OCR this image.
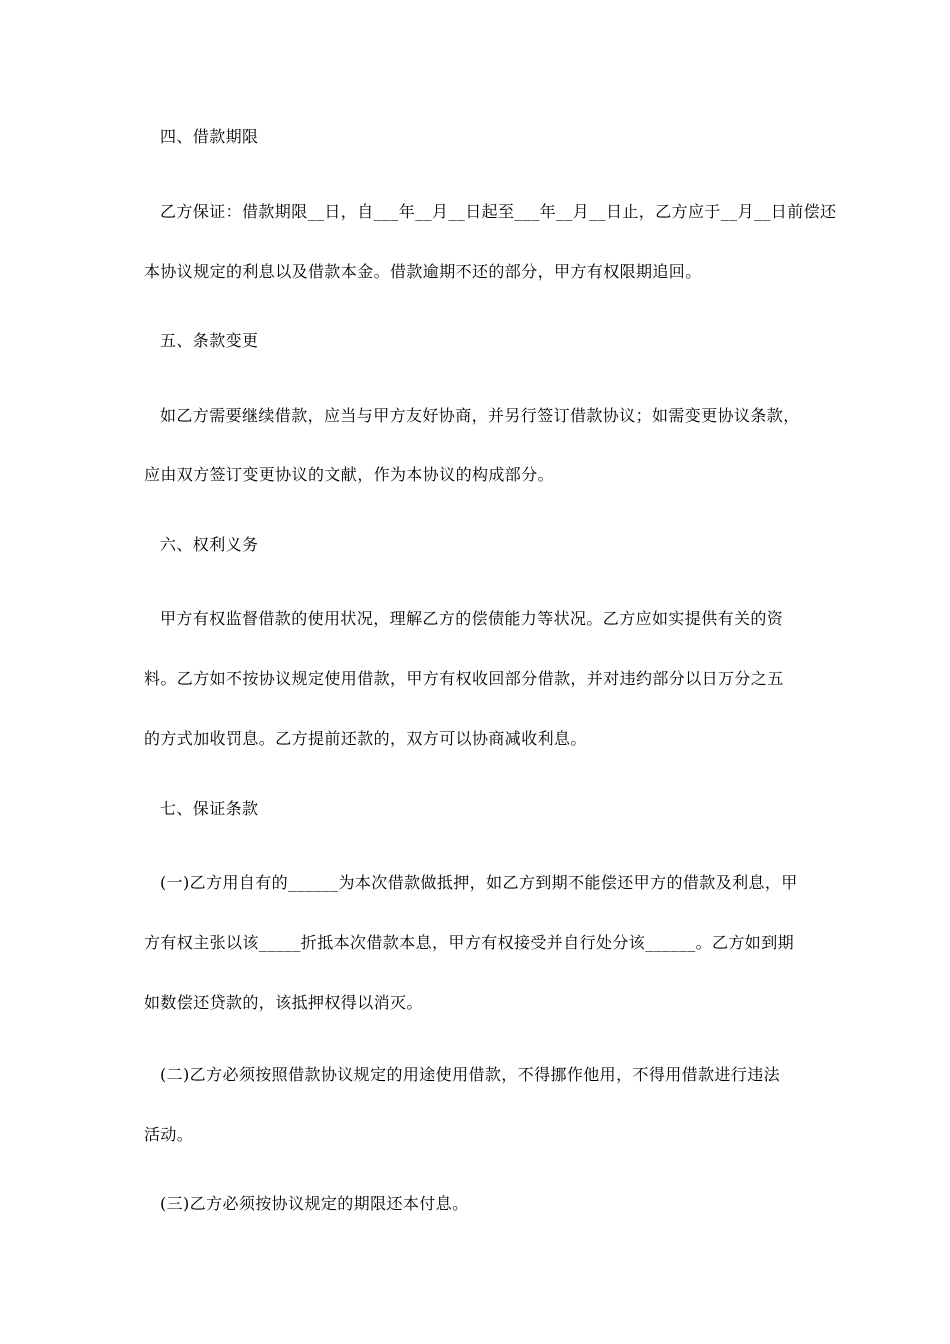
四、借款期限
乙方保证：借款期限__日，自___年__月__日起至___年__月__日止，乙方应于__月__日前偿还
本协议规定的利息以及借款本金。借款逾期不还的部分，甲方有权限期追回。
五、条款变更
如乙方需要继续借款，应当与甲方友好协商，并另行签订借款协议；如需变更协议条款，
应由双方签订变更协议的文献，作为本协议的构成部分。
六、权利义务
甲方有权监督借款的使用状况，理解乙方的偿债能力等状况。乙方应如实提供有关的资
料。乙方如不按协议规定使用借款，甲方有权收回部分借款，并对违约部分以日万分之五
的方式加收罚息。乙方提前还款的，双方可以协商减收利息。
七、保证条款
(一)乙方用自有的______为本次借款做抵押，如乙方到期不能偿还甲方的借款及利息，甲
方有权主张以该_____折抵本次借款本息，甲方有权接受并自行处分该______。乙方如到期
如数偿还贷款的，该抵押权得以消灭。
(二)乙方必须按照借款协议规定的用途使用借款，不得挪作他用，不得用借款进行违法
活动。
(三)乙方必须按协议规定的期限还本付息。
